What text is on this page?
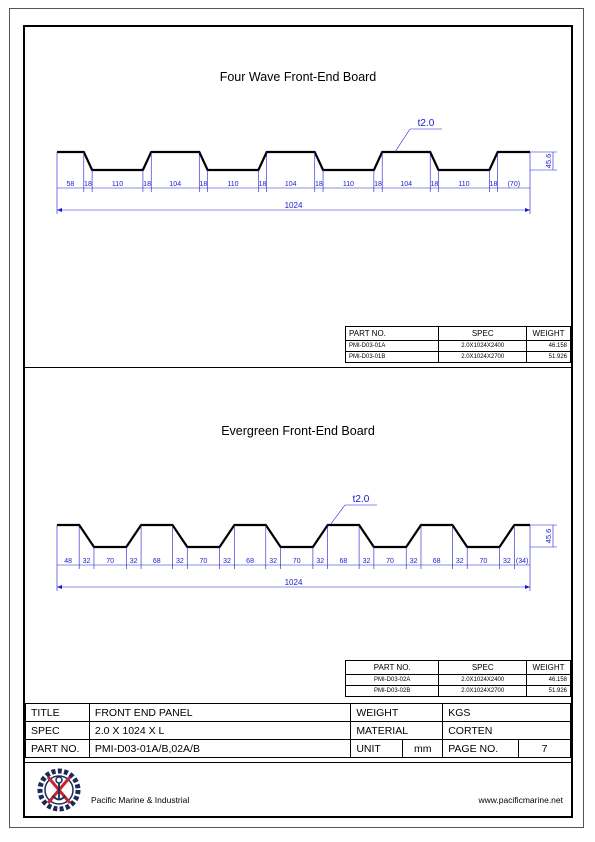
Four Wave Front-End Board
58 18	110	18	104	18	110	18	104	18	110	18	104	18	110	18 (70)
1024
45.6
t2.0
PART NO.	SPEC	WEIGHT
PMI-D03-01A	2.0X1024X2400	46.158
PMI-D03-01B	2.0X1024X2700	51.926
Evergreen Front-End Board
48 32 70 32 68 32 70 32 68 32 70 32 68 32 70 32 68 32 70 32 (34)
1024
45.6
t2.0
PART NO.	SPEC	WEIGHT
PMI-D03-02A	2.0X1024X2400	46.158
PMI-D03-02B	2.0X1024X2700	51.926
TITLE	FRONT END PANEL	WEIGHT		KGS	
SPEC	2.0 X 1024 X L	MATERIAL		CORTEN	
PART NO.	PMI-D03-01A/B,02A/B	UNIT	mm	PAGE NO.	7
Pacific Marine & Industrial	www.pacificmarine.net
